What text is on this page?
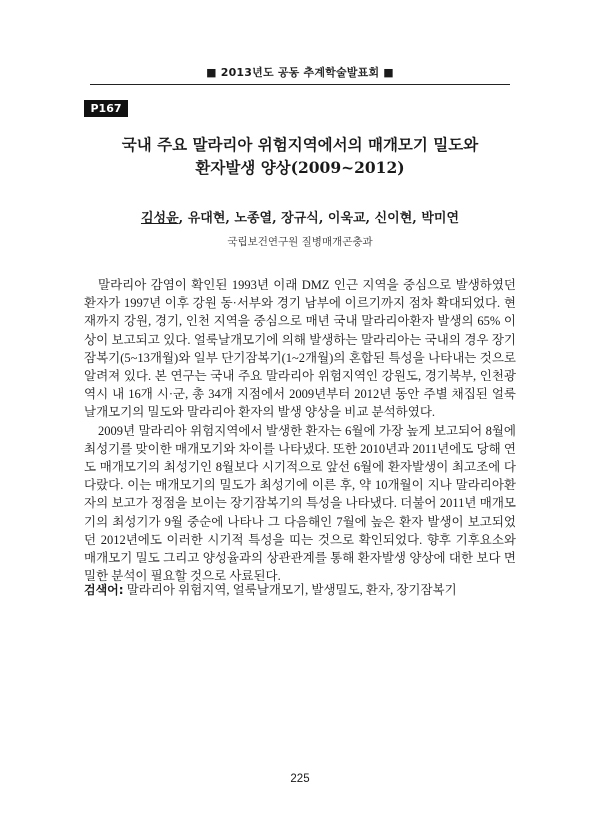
■ 2013년도 공동 추계학술발표회 ■
P167
국내 주요 말라리아 위험지역에서의 매개모기 밀도와
환자발생 양상(2009~2012)
김성윤, 유대현, 노종열, 장규식, 이욱교, 신이현, 박미연
국립보건연구원 질병매개곤충과

말라리아 감염이 확인된 1993년 이래 DMZ 인근 지역을 중심으로 발생하였던 환자가 1997년 이후 강원 동·서부와 경기 남부에 이르기까지 점차 확대되었다. 현재까지 강원, 경기, 인천 지역을 중심으로 매년 국내 말라리아환자 발생의 65% 이상이 보고되고 있다. 얼룩날개모기에 의해 발생하는 말라리아는 국내의 경우 장기잠복기(5~13개월)와 일부 단기잠복기(1~2개월)의 혼합된 특성을 나타내는 것으로 알려져 있다. 본 연구는 국내 주요 말라리아 위험지역인 강원도, 경기북부, 인천광역시 내 16개 시·군, 총 34개 지점에서 2009년부터 2012년 동안 주별 채집된 얼룩날개모기의 밀도와 말라리아 환자의 발생 양상을 비교 분석하였다.

2009년 말라리아 위험지역에서 발생한 환자는 6월에 가장 높게 보고되어 8월에 최성기를 맞이한 매개모기와 차이를 나타냈다. 또한 2010년과 2011년에도 당해 연도 매개모기의 최성기인 8월보다 시기적으로 앞선 6월에 환자발생이 최고조에 다다랐다. 이는 매개모기의 밀도가 최성기에 이른 후, 약 10개월이 지나 말라리아환자의 보고가 정점을 보이는 장기잠복기의 특성을 나타냈다. 더불어 2011년 매개모기의 최성기가 9월 중순에 나타나 그 다음해인 7월에 높은 환자 발생이 보고되었던 2012년에도 이러한 시기적 특성을 띠는 것으로 확인되었다. 향후 기후요소와 매개모기 밀도 그리고 양성율과의 상관관계를 통해 환자발생 양상에 대한 보다 면밀한 분석이 필요할 것으로 사료된다.

검색어: 말라리아 위험지역, 얼룩날개모기, 발생밀도, 환자, 장기잠복기
225
